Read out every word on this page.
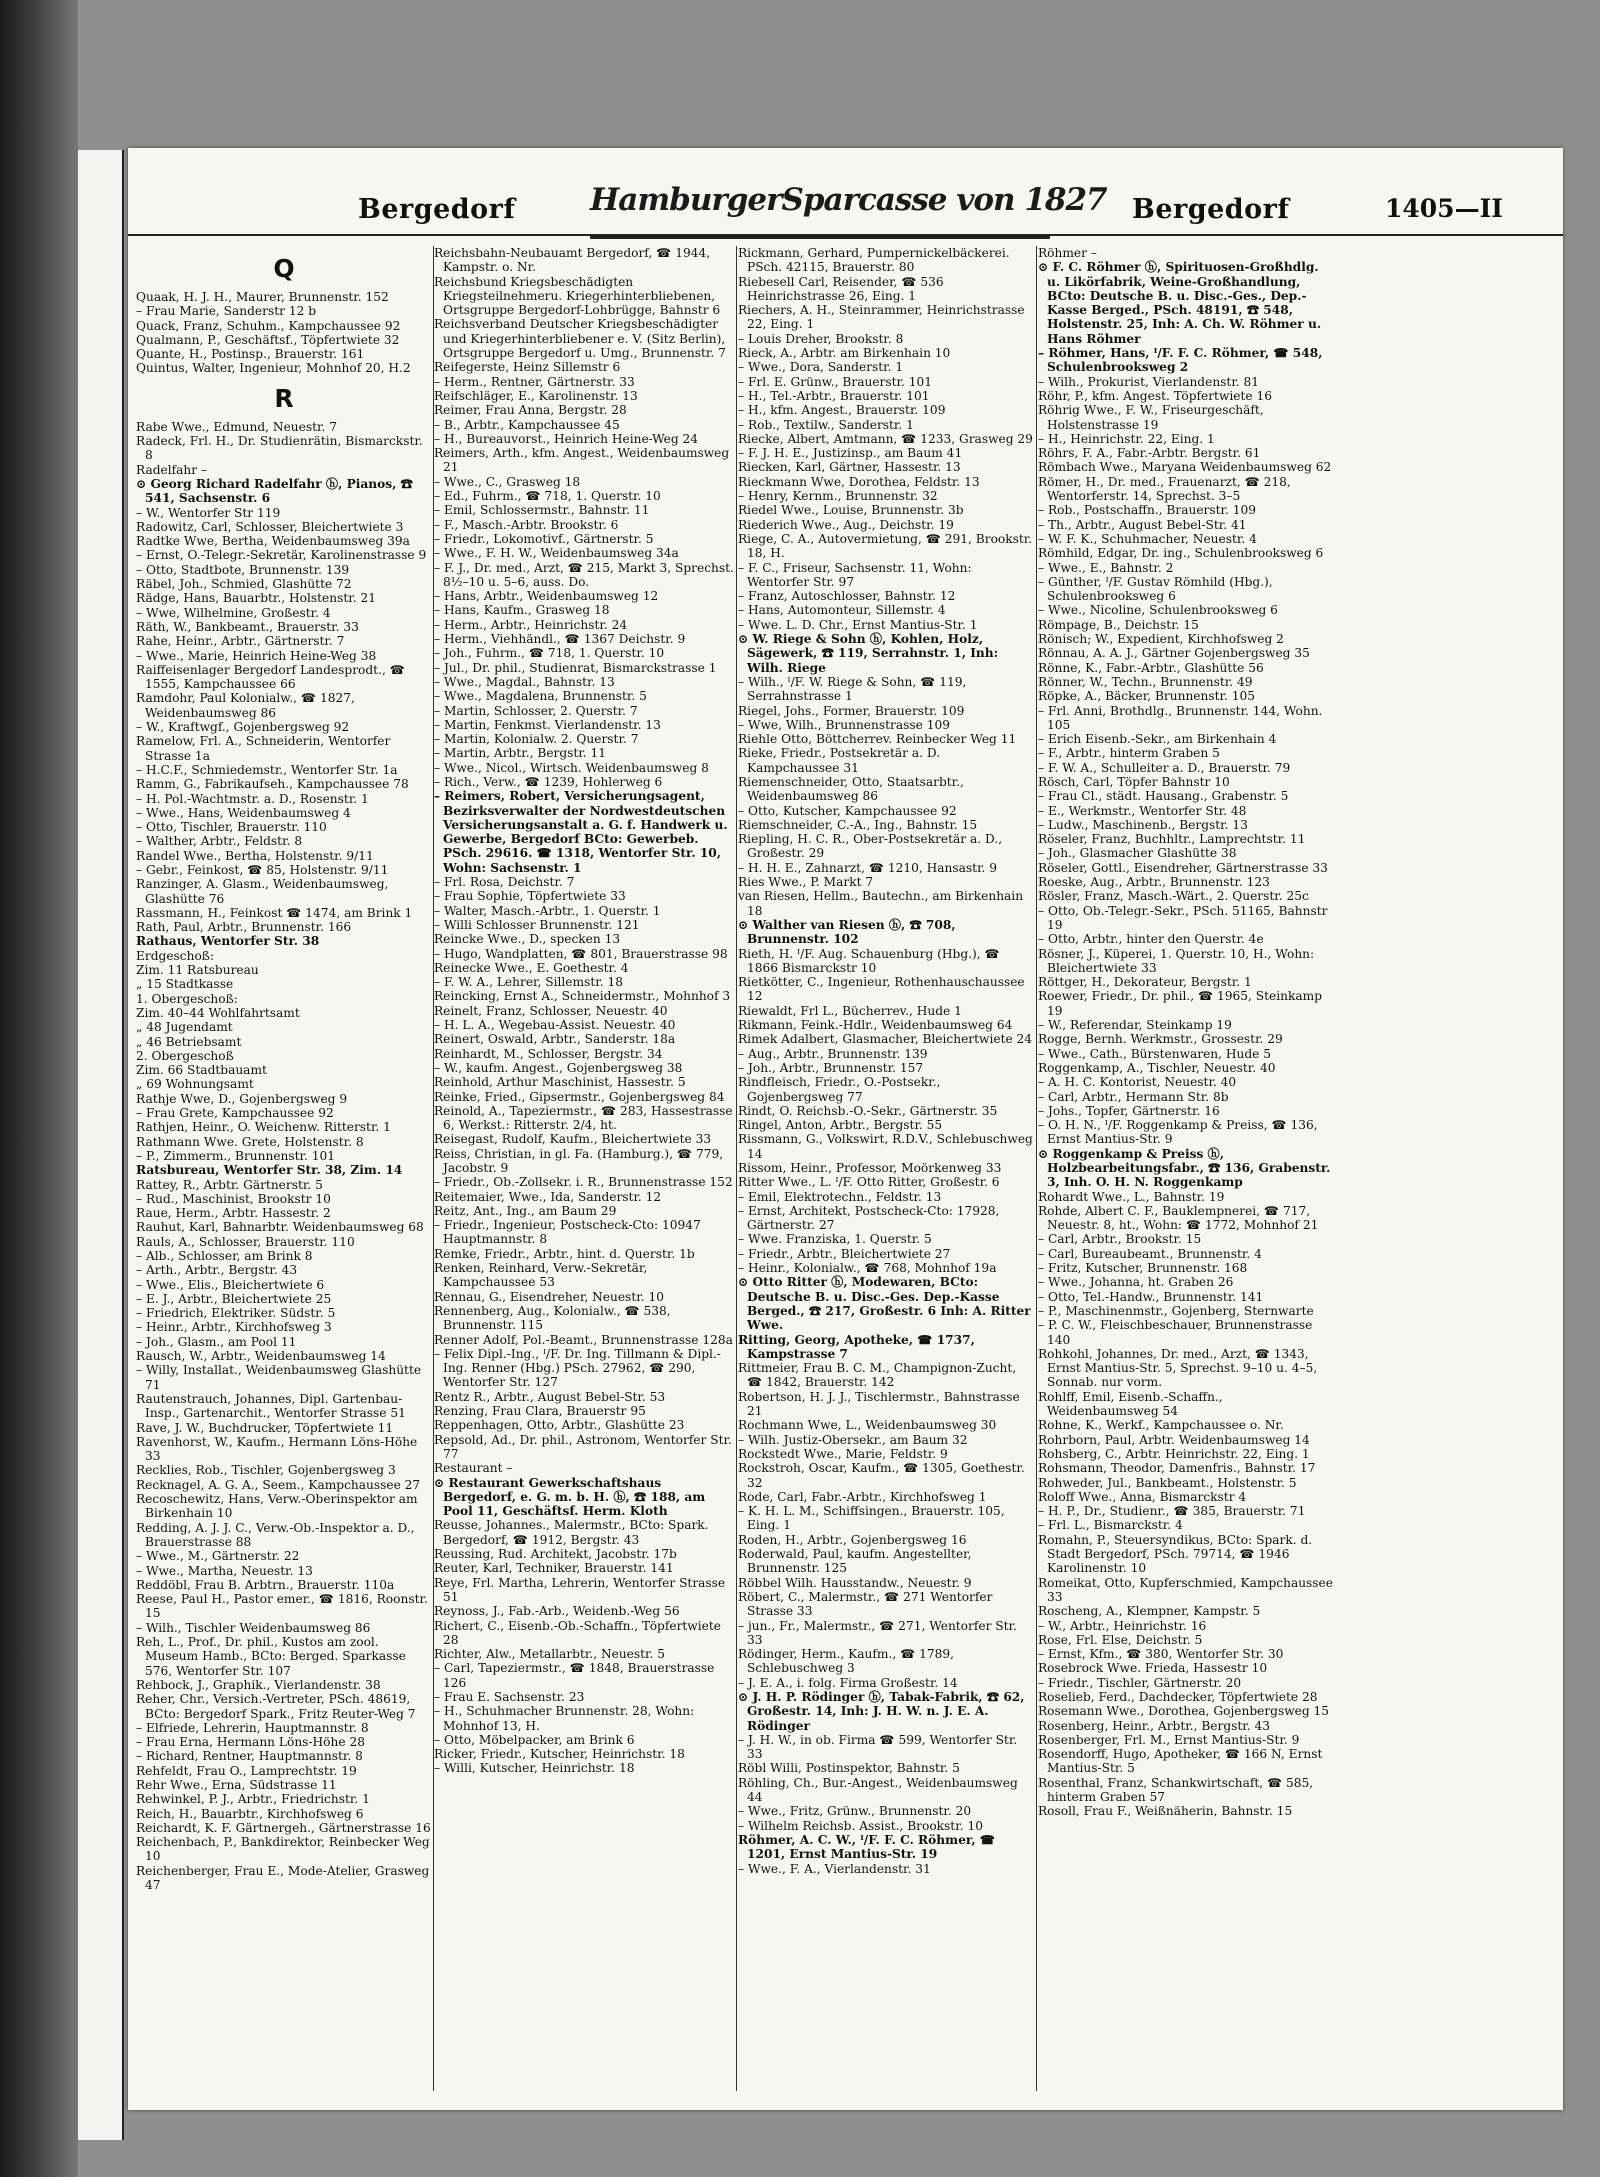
Bergedorf HamburgerSparcasse von 1827 Bergedorf	1405—II

Q

Quaak, H. J. H., Maurer, Brunnenstr. 152

– Frau Marie, Sanderstr 12 b

Quack, Franz, Schuhm., Kampchaussee 92

Qualmann, P., Geschäftsf., Töpfertwiete 32

Quante, H., Postinsp., Brauerstr. 161

Quintus, Walter, Ingenieur, Mohnhof 20, H.2

R

Rabe Wwe., Edmund, Neuestr. 7

Radeck, Frl. H., Dr. Studienrätin, Bismarckstr. 8

Radelfahr –

⊙ Georg Richard Radelfahr ⓗ, Pianos, ☎ 541, Sachsenstr. 6

– W., Wentorfer Str 119

Radowitz, Carl, Schlosser, Bleichertwiete 3

Radtke Wwe, Bertha, Weidenbaumsweg 39a

– Ernst, O.-Telegr.-Sekretär, Karolinenstrasse 9

– Otto, Stadtbote, Brunnenstr. 139

Räbel, Joh., Schmied, Glashütte 72

Rädge, Hans, Bauarbtr., Holstenstr. 21

– Wwe, Wilhelmine, Großestr. 4

Räth, W., Bankbeamt., Brauerstr. 33

Rahe, Heinr., Arbtr., Gärtnerstr. 7

– Wwe., Marie, Heinrich Heine-Weg 38

Raiffeisenlager Bergedorf Landesprodt., ☎ 1555, Kampchaussee 66

Ramdohr, Paul Kolonialw., ☎ 1827, Weidenbaumsweg 86

– W., Kraftwgf., Gojenbergsweg 92

Ramelow, Frl. A., Schneiderin, Wentorfer Strasse 1a

– H.C.F., Schmiedemstr., Wentorfer Str. 1a

Ramm, G., Fabrikaufseh., Kampchaussee 78

– H. Pol.-Wachtmstr. a. D., Rosenstr. 1

– Wwe., Hans, Weidenbaumsweg 4

– Otto, Tischler, Brauerstr. 110

– Walther, Arbtr., Feldstr. 8

Randel Wwe., Bertha, Holstenstr. 9/11

– Gebr., Feinkost, ☎ 85, Holstenstr. 9/11

Ranzinger, A. Glasm., Weidenbaumsweg, Glashütte 76

Rassmann, H., Feinkost ☎ 1474, am Brink 1

Rath, Paul, Arbtr., Brunnenstr. 166

Rathaus, Wentorfer Str. 38

Erdgeschoß:

Zim. 11 Ratsbureau

„ 15 Stadtkasse

1. Obergeschoß:

Zim. 40–44 Wohlfahrtsamt

„ 48 Jugendamt

„ 46 Betriebsamt

2. Obergeschoß

Zim. 66 Stadtbauamt

„ 69 Wohnungsamt

Rathje Wwe, D., Gojenbergsweg 9

– Frau Grete, Kampchaussee 92

Rathjen, Heinr., O. Weichenw. Ritterstr. 1

Rathmann Wwe. Grete, Holstenstr. 8

– P., Zimmerm., Brunnenstr. 101

Ratsbureau, Wentorfer Str. 38, Zim. 14

Rattey, R., Arbtr. Gärtnerstr. 5

– Rud., Maschinist, Brookstr 10

Raue, Herm., Arbtr. Hassestr. 2

Rauhut, Karl, Bahnarbtr. Weidenbaumsweg 68

Rauls, A., Schlosser, Brauerstr. 110

– Alb., Schlosser, am Brink 8

– Arth., Arbtr., Bergstr. 43

– Wwe., Elis., Bleichertwiete 6

– E. J., Arbtr., Bleichertwiete 25

– Friedrich, Elektriker. Südstr. 5

– Heinr., Arbtr., Kirchhofsweg 3

– Joh., Glasm., am Pool 11

Rausch, W., Arbtr., Weidenbaumsweg 14

– Willy, Installat., Weidenbaumsweg Glashütte 71

Rautenstrauch, Johannes, Dipl. Gartenbau-Insp., Gartenarchit., Wentorfer Strasse 51

Rave, J. W., Buchdrucker, Töpfertwiete 11

Ravenhorst, W., Kaufm., Hermann Löns-Höhe 33

Recklies, Rob., Tischler, Gojenbergsweg 3

Recknagel, A. G. A., Seem., Kampchaussee 27

Recoschewitz, Hans, Verw.-Oberinspektor am Birkenhain 10

Redding, A. J. J. C., Verw.-Ob.-Inspektor a. D., Brauerstrasse 88

– Wwe., M., Gärtnerstr. 22

– Wwe., Martha, Neuestr. 13

Reddöbl, Frau B. Arbtrn., Brauerstr. 110a

Reese, Paul H., Pastor emer., ☎ 1816, Roonstr. 15

– Wilh., Tischler Weidenbaumsweg 86

Reh, L., Prof., Dr. phil., Kustos am zool. Museum Hamb., BCto: Berged. Sparkasse 576, Wentorfer Str. 107

Rehbock, J., Graphik., Vierlandenstr. 38

Reher, Chr., Versich.-Vertreter, PSch. 48619, BCto: Bergedorf Spark., Fritz Reuter-Weg 7

– Elfriede, Lehrerin, Hauptmannstr. 8

– Frau Erna, Hermann Löns-Höhe 28

– Richard, Rentner, Hauptmannstr. 8

Rehfeldt, Frau O., Lamprechtstr. 19

Rehr Wwe., Erna, Südstrasse 11

Rehwinkel, P. J., Arbtr., Friedrichstr. 1

Reich, H., Bauarbtr., Kirchhofsweg 6

Reichardt, K. F. Gärtnergeh., Gärtnerstrasse 16

Reichenbach, P., Bankdirektor, Reinbecker Weg 10

Reichenberger, Frau E., Mode-Atelier, Grasweg 47

Reichsbahn-Neubauamt Bergedorf, ☎ 1944, Kampstr. o. Nr.

Reichsbund Kriegsbeschädigten Kriegsteilnehmeru. Kriegerhinterbliebenen, Ortsgruppe Bergedorf-Lohbrügge, Bahnstr 6

Reichsverband Deutscher Kriegsbeschädigter und Kriegerhinterbliebener e. V. (Sitz Berlin), Ortsgruppe Bergedorf u. Umg., Brunnenstr. 7

Reifegerste, Heinz Sillemstr 6

– Herm., Rentner, Gärtnerstr. 33

Reifschläger, E., Karolinenstr. 13

Reimer, Frau Anna, Bergstr. 28

– B., Arbtr., Kampchaussee 45

– H., Bureauvorst., Heinrich Heine-Weg 24

Reimers, Arth., kfm. Angest., Weidenbaumsweg 21

– Wwe., C., Grasweg 18

– Ed., Fuhrm., ☎ 718, 1. Querstr. 10

– Emil, Schlossermstr., Bahnstr. 11

– F., Masch.-Arbtr. Brookstr. 6

– Friedr., Lokomotivf., Gärtnerstr. 5

– Wwe., F. H. W., Weidenbaumsweg 34a

– F. J., Dr. med., Arzt, ☎ 215, Markt 3, Sprechst. 8½–10 u. 5–6, auss. Do.

– Hans, Arbtr., Weidenbaumsweg 12

– Hans, Kaufm., Grasweg 18

– Herm., Arbtr., Heinrichstr. 24

– Herm., Viehhändl., ☎ 1367 Deichstr. 9

– Joh., Fuhrm., ☎ 718, 1. Querstr. 10

– Jul., Dr. phil., Studienrat, Bismarckstrasse 1

– Wwe., Magdal., Bahnstr. 13

– Wwe., Magdalena, Brunnenstr. 5

– Martin, Schlosser, 2. Querstr. 7

– Martin, Fenkmst. Vierlandenstr. 13

– Martin, Kolonialw. 2. Querstr. 7

– Martin, Arbtr., Bergstr. 11

– Wwe., Nicol., Wirtsch. Weidenbaumsweg 8

– Rich., Verw., ☎ 1239, Hohlerweg 6

– Reimers, Robert, Versicherungsagent, Bezirksverwalter der Nordwestdeutschen Versicherungsanstalt a. G. f. Handwerk u. Gewerbe, Bergedorf BCto: Gewerbeb. PSch. 29616. ☎ 1318, Wentorfer Str. 10, Wohn: Sachsenstr. 1

– Frl. Rosa, Deichstr. 7

– Frau Sophie, Töpfertwiete 33

– Walter, Masch.-Arbtr., 1. Querstr. 1

– Willi Schlosser Brunnenstr. 121

Reincke Wwe., D., specken 13

– Hugo, Wandplatten, ☎ 801, Brauerstrasse 98

Reinecke Wwe., E. Goethestr. 4

– F. W. A., Lehrer, Sillemstr. 18

Reincking, Ernst A., Schneidermstr., Mohnhof 3

Reinelt, Franz, Schlosser, Neuestr. 40

– H. L. A., Wegebau-Assist. Neuestr. 40

Reinert, Oswald, Arbtr., Sanderstr. 18a

Reinhardt, M., Schlosser, Bergstr. 34

– W., kaufm. Angest., Gojenbergsweg 38

Reinhold, Arthur Maschinist, Hassestr. 5

Reinke, Fried., Gipsermstr., Gojenbergsweg 84

Reinold, A., Tapeziermstr., ☎ 283, Hassestrasse 6, Werkst.: Ritterstr. 2/4, ht.

Reisegast, Rudolf, Kaufm., Bleichertwiete 33

Reiss, Christian, in gl. Fa. (Hamburg.), ☎ 779, Jacobstr. 9

– Friedr., Ob.-Zollsekr. i. R., Brunnenstrasse 152

Reitemaier, Wwe., Ida, Sanderstr. 12

Reitz, Ant., Ing., am Baum 29

– Friedr., Ingenieur, Postscheck-Cto: 10947 Hauptmannstr. 8

Remke, Friedr., Arbtr., hint. d. Querstr. 1b

Renken, Reinhard, Verw.-Sekretär, Kampchaussee 53

Rennau, G., Eisendreher, Neuestr. 10

Rennenberg, Aug., Kolonialw., ☎ 538, Brunnenstr. 115

Renner Adolf, Pol.-Beamt., Brunnenstrasse 128a

– Felix Dipl.-Ing., ᴵ/F. Dr. Ing. Tillmann & Dipl.-Ing. Renner (Hbg.) PSch. 27962, ☎ 290, Wentorfer Str. 127

Rentz R., Arbtr., August Bebel-Str. 53

Renzing, Frau Clara, Brauerstr 95

Reppenhagen, Otto, Arbtr., Glashütte 23

Repsold, Ad., Dr. phil., Astronom, Wentorfer Str. 77

Restaurant –

⊙ Restaurant Gewerkschaftshaus Bergedorf, e. G. m. b. H. ⓗ, ☎ 188, am Pool 11, Geschäftsf. Herm. Kloth

Reusse, Johannes., Malermstr., BCto: Spark. Bergedorf, ☎ 1912, Bergstr. 43

Reussing, Rud. Architekt, Jacobstr. 17b

Reuter, Karl, Techniker, Brauerstr. 141

Reye, Frl. Martha, Lehrerin, Wentorfer Strasse 51

Reynoss, J., Fab.-Arb., Weidenb.-Weg 56

Richert, C., Eisenb.-Ob.-Schaffn., Töpfertwiete 28

Richter, Alw., Metallarbtr., Neuestr. 5

– Carl, Tapeziermstr., ☎ 1848, Brauerstrasse 126

– Frau E. Sachsenstr. 23

– H., Schuhmacher Brunnenstr. 28, Wohn: Mohnhof 13, H.

– Otto, Möbelpacker, am Brink 6

Ricker, Friedr., Kutscher, Heinrichstr. 18

– Willi, Kutscher, Heinrichstr. 18

Rickmann, Gerhard, Pumpernickelbäckerei. PSch. 42115, Brauerstr. 80

Riebesell Carl, Reisender, ☎ 536 Heinrichstrasse 26, Eing. 1

Riechers, A. H., Steinrammer, Heinrichstrasse 22, Eing. 1

– Louis Dreher, Brookstr. 8

Rieck, A., Arbtr. am Birkenhain 10

– Wwe., Dora, Sanderstr. 1

– Frl. E. Grünw., Brauerstr. 101

– H., Tel.-Arbtr., Brauerstr. 101

– H., kfm. Angest., Brauerstr. 109

– Rob., Textilw., Sanderstr. 1

Riecke, Albert, Amtmann, ☎ 1233, Grasweg 29

– F. J. H. E., Justizinsp., am Baum 41

Riecken, Karl, Gärtner, Hassestr. 13

Rieckmann Wwe, Dorothea, Feldstr. 13

– Henry, Kernm., Brunnenstr. 32

Riedel Wwe., Louise, Brunnenstr. 3b

Riederich Wwe., Aug., Deichstr. 19

Riege, C. A., Autovermietung, ☎ 291, Brookstr. 18, H.

– F. C., Friseur, Sachsenstr. 11, Wohn: Wentorfer Str. 97

– Franz, Autoschlosser, Bahnstr. 12

– Hans, Automonteur, Sillemstr. 4

– Wwe. L. D. Chr., Ernst Mantius-Str. 1

⊙ W. Riege & Sohn ⓗ, Kohlen, Holz, Sägewerk, ☎ 119, Serrahnstr. 1, Inh: Wilh. Riege

– Wilh., ᴵ/F. W. Riege & Sohn, ☎ 119, Serrahnstrasse 1

Riegel, Johs., Former, Brauerstr. 109

– Wwe, Wilh., Brunnenstrasse 109

Riehle Otto, Böttcherrev. Reinbecker Weg 11

Rieke, Friedr., Postsekretär a. D. Kampchaussee 31

Riemenschneider, Otto, Staatsarbtr., Weidenbaumsweg 86

– Otto, Kutscher, Kampchaussee 92

Riemschneider, C.-A., Ing., Bahnstr. 15

Riepling, H. C. R., Ober-Postsekretär a. D., Großestr. 29

– H. H. E., Zahnarzt, ☎ 1210, Hansastr. 9

Ries Wwe., P. Markt 7

van Riesen, Hellm., Bautechn., am Birkenhain 18

⊙ Walther van Riesen ⓗ, ☎ 708, Brunnenstr. 102

Rieth, H. ᴵ/F. Aug. Schauenburg (Hbg.), ☎ 1866 Bismarckstr 10

Rietkötter, C., Ingenieur, Rothenhauschaussee 12

Riewaldt, Frl L., Bücherrev., Hude 1

Rikmann, Feink.-Hdlr., Weidenbaumsweg 64

Rimek Adalbert, Glasmacher, Bleichertwiete 24

– Aug., Arbtr., Brunnenstr. 139

– Joh., Arbtr., Brunnenstr. 157

Rindfleisch, Friedr., O.-Postsekr., Gojenbergsweg 77

Rindt, O. Reichsb.-O.-Sekr., Gärtnerstr. 35

Ringel, Anton, Arbtr., Bergstr. 55

Rissmann, G., Volkswirt, R.D.V., Schlebuschweg 14

Rissom, Heinr., Professor, Moörkenweg 33

Ritter Wwe., L. ᴵ/F. Otto Ritter, Großestr. 6

– Emil, Elektrotechn., Feldstr. 13

– Ernst, Architekt, Postscheck-Cto: 17928, Gärtnerstr. 27

– Wwe. Franziska, 1. Querstr. 5

– Friedr., Arbtr., Bleichertwiete 27

– Heinr., Kolonialw., ☎ 768, Mohnhof 19a

⊙ Otto Ritter ⓗ, Modewaren, BCto: Deutsche B. u. Disc.-Ges. Dep.-Kasse Berged., ☎ 217, Großestr. 6 Inh: A. Ritter Wwe.

Ritting, Georg, Apotheke, ☎ 1737, Kampstrasse 7

Rittmeier, Frau B. C. M., Champignon-Zucht, ☎ 1842, Brauerstr. 142

Robertson, H. J. J., Tischlermstr., Bahnstrasse 21

Rochmann Wwe, L., Weidenbaumsweg 30

– Wilh. Justiz-Obersekr., am Baum 32

Rockstedt Wwe., Marie, Feldstr. 9

Rockstroh, Oscar, Kaufm., ☎ 1305, Goethestr. 32

Rode, Carl, Fabr.-Arbtr., Kirchhofsweg 1

– K. H. L. M., Schiffsingen., Brauerstr. 105, Eing. 1

Roden, H., Arbtr., Gojenbergsweg 16

Roderwald, Paul, kaufm. Angestellter, Brunnenstr. 125

Röbbel Wilh. Hausstandw., Neuestr. 9

Röbert, C., Malermstr., ☎ 271 Wentorfer Strasse 33

– jun., Fr., Malermstr., ☎ 271, Wentorfer Str. 33

Rödinger, Herm., Kaufm., ☎ 1789, Schlebuschweg 3

– J. E. A., i. folg. Firma Großestr. 14

⊙ J. H. P. Rödinger ⓗ, Tabak-Fabrik, ☎ 62, Großestr. 14, Inh: J. H. W. n. J. E. A. Rödinger

– J. H. W., in ob. Firma ☎ 599, Wentorfer Str. 33

Röbl Willi, Postinspektor, Bahnstr. 5

Röhling, Ch., Bur.-Angest., Weidenbaumsweg 44

– Wwe., Fritz, Grünw., Brunnenstr. 20

– Wilhelm Reichsb. Assist., Brookstr. 10

Röhmer, A. C. W., ᴵ/F. F. C. Röhmer, ☎ 1201, Ernst Mantius-Str. 19

– Wwe., F. A., Vierlandenstr. 31

Röhmer –

⊙ F. C. Röhmer ⓗ, Spirituosen-Großhdlg. u. Likörfabrik, Weine-Großhandlung, BCto: Deutsche B. u. Disc.-Ges., Dep.-Kasse Berged., PSch. 48191, ☎ 548, Holstenstr. 25, Inh: A. Ch. W. Röhmer u. Hans Röhmer

– Röhmer, Hans, ᴵ/F. F. C. Röhmer, ☎ 548, Schulenbrooksweg 2

– Wilh., Prokurist, Vierlandenstr. 81

Röhr, P., kfm. Angest. Töpfertwiete 16

Röhrig Wwe., F. W., Friseurgeschäft, Holstenstrasse 19

– H., Heinrichstr. 22, Eing. 1

Röhrs, F. A., Fabr.-Arbtr. Bergstr. 61

Römbach Wwe., Maryana Weidenbaumsweg 62

Römer, H., Dr. med., Frauenarzt, ☎ 218, Wentorferstr. 14, Sprechst. 3–5

– Rob., Postschaffn., Brauerstr. 109

– Th., Arbtr., August Bebel-Str. 41

– W. F. K., Schuhmacher, Neuestr. 4

Römhild, Edgar, Dr. ing., Schulenbrooksweg 6

– Wwe., E., Bahnstr. 2

– Günther, ᴵ/F. Gustav Römhild (Hbg.), Schulenbrooksweg 6

– Wwe., Nicoline, Schulenbrooksweg 6

Römpage, B., Deichstr. 15

Rönisch; W., Expedient, Kirchhofsweg 2

Rönnau, A. A. J., Gärtner Gojenbergsweg 35

Rönne, K., Fabr.-Arbtr., Glashütte 56

Rönner, W., Techn., Brunnenstr. 49

Röpke, A., Bäcker, Brunnenstr. 105

– Frl. Anni, Brothdlg., Brunnenstr. 144, Wohn. 105

– Erich Eisenb.-Sekr., am Birkenhain 4

– F., Arbtr., hinterm Graben 5

– F. W. A., Schulleiter a. D., Brauerstr. 79

Rösch, Carl, Töpfer Bahnstr 10

– Frau Cl., städt. Hausang., Grabenstr. 5

– E., Werkmstr., Wentorfer Str. 48

– Ludw., Maschinenb., Bergstr. 13

Röseler, Franz, Buchhltr., Lamprechtstr. 11

– Joh., Glasmacher Glashütte 38

Röseler, Gottl., Eisendreher, Gärtnerstrasse 33

Roeske, Aug., Arbtr., Brunnenstr. 123

Rösler, Franz, Masch.-Wärt., 2. Querstr. 25c

– Otto, Ob.-Telegr.-Sekr., PSch. 51165, Bahnstr 19

– Otto, Arbtr., hinter den Querstr. 4e

Rösner, J., Küperei, 1. Querstr. 10, H., Wohn: Bleichertwiete 33

Röttger, H., Dekorateur, Bergstr. 1

Roewer, Friedr., Dr. phil., ☎ 1965, Steinkamp 19

– W., Referendar, Steinkamp 19

Rogge, Bernh. Werkmstr., Grossestr. 29

– Wwe., Cath., Bürstenwaren, Hude 5

Roggenkamp, A., Tischler, Neuestr. 40

– A. H. C. Kontorist, Neuestr. 40

– Carl, Arbtr., Hermann Str. 8b

– Johs., Topfer, Gärtnerstr. 16

– O. H. N., ᴵ/F. Roggenkamp & Preiss, ☎ 136, Ernst Mantius-Str. 9

⊙ Roggenkamp & Preiss ⓗ, Holzbearbeitungsfabr., ☎ 136, Grabenstr. 3, Inh. O. H. N. Roggenkamp

Rohardt Wwe., L., Bahnstr. 19

Rohde, Albert C. F., Bauklempnerei, ☎ 717, Neuestr. 8, ht., Wohn: ☎ 1772, Mohnhof 21

– Carl, Arbtr., Brookstr. 15

– Carl, Bureaubeamt., Brunnenstr. 4

– Fritz, Kutscher, Brunnenstr. 168

– Wwe., Johanna, ht. Graben 26

– Otto, Tel.-Handw., Brunnenstr. 141

– P., Maschinenmstr., Gojenberg, Sternwarte

– P. C. W., Fleischbeschauer, Brunnenstrasse 140

Rohkohl, Johannes, Dr. med., Arzt, ☎ 1343, Ernst Mantius-Str. 5, Sprechst. 9–10 u. 4–5, Sonnab. nur vorm.

Rohlff, Emil, Eisenb.-Schaffn., Weidenbaumsweg 54

Rohne, K., Werkf., Kampchaussee o. Nr.

Rohrborn, Paul, Arbtr. Weidenbaumsweg 14

Rohsberg, C., Arbtr. Heinrichstr. 22, Eing. 1

Rohsmann, Theodor, Damenfris., Bahnstr. 17

Rohweder, Jul., Bankbeamt., Holstenstr. 5

Roloff Wwe., Anna, Bismarckstr 4

– H. P., Dr., Studienr., ☎ 385, Brauerstr. 71

– Frl. L., Bismarckstr. 4

Romahn, P., Steuersyndikus, BCto: Spark. d. Stadt Bergedorf, PSch. 79714, ☎ 1946 Karolinenstr. 10

Romeikat, Otto, Kupferschmied, Kampchaussee 33

Roscheng, A., Klempner, Kampstr. 5

– W., Arbtr., Heinrichstr. 16

Rose, Frl. Else, Deichstr. 5

– Ernst, Kfm., ☎ 380, Wentorfer Str. 30

Rosebrock Wwe. Frieda, Hassestr 10

– Friedr., Tischler, Gärtnerstr. 20

Roselieb, Ferd., Dachdecker, Töpfertwiete 28

Rosemann Wwe., Dorothea, Gojenbergsweg 15

Rosenberg, Heinr., Arbtr., Bergstr. 43

Rosenberger, Frl. M., Ernst Mantius-Str. 9

Rosendorff, Hugo, Apotheker, ☎ 166 N, Ernst Mantius-Str. 5

Rosenthal, Franz, Schankwirtschaft, ☎ 585, hinterm Graben 57

Rosoll, Frau F., Weißnäherin, Bahnstr. 15
